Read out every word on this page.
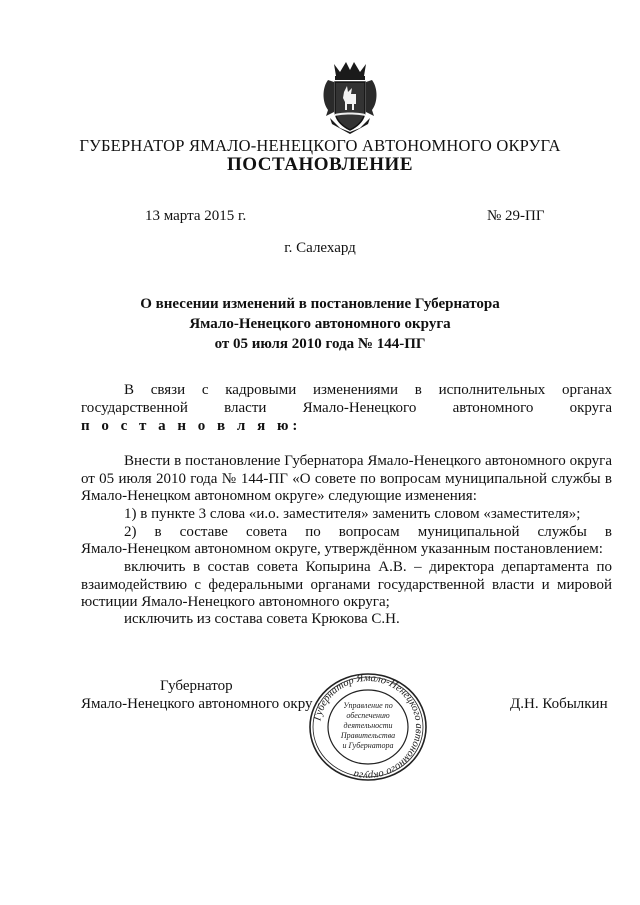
ГУБЕРНАТОР ЯМАЛО-НЕНЕЦКОГО АВТОНОМНОГО ОКРУГА
ПОСТАНОВЛЕНИЕ
13 марта 2015 г.	№ 29-ПГ
г. Салехард
О внесении изменений в постановление Губернатора
Ямало-Ненецкого автономного округа
от 05 июля 2010 года № 144-ПГ
В связи с кадровыми изменениями в исполнительных органах государственной власти Ямало-Ненецкого автономного округа
п о с т а н о в л я ю:
Внести в постановление Губернатора Ямало-Ненецкого автономного округа от 05 июля 2010 года № 144-ПГ «О совете по вопросам муниципальной службы в Ямало-Ненецком автономном округе» следующие изменения:
1) в пункте 3 слова «и.о. заместителя» заменить словом «заместителя»;
2) в составе совета по вопросам муниципальной службы в
Ямало-Ненецком автономном округе, утверждённом указанным постановлением:
включить в состав совета Копырина А.В. – директора департамента по взаимодействию с федеральными органами государственной власти и мировой юстиции Ямало-Ненецкого автономного округа;
исключить из состава совета Крюкова С.Н.
Губернатор
Ямало-Ненецкого автономного окру	Д.Н. Кобылкин
Губернатор Ямало-Ненецкого автономного округа
Управление по
обеспечению
деятельности
Правительства
и Губернатора
